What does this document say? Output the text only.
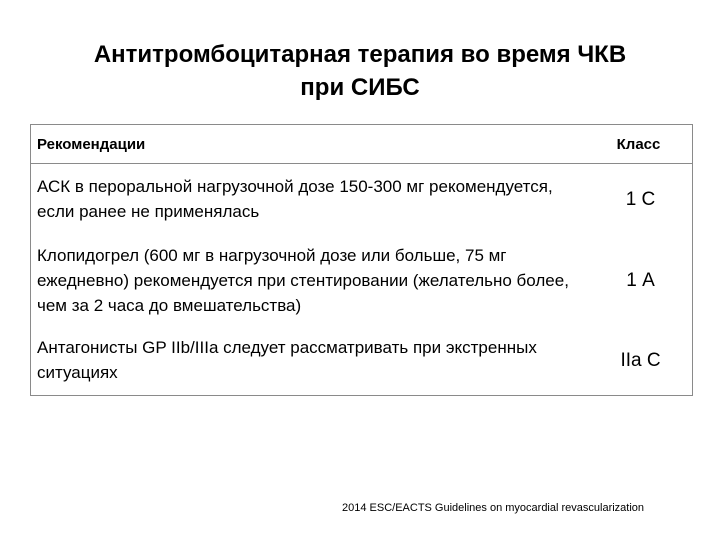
Антитромбоцитарная терапия во время ЧКВ
при СИБС
Рекомендации	Класс
АСК в пероральной нагрузочной дозе 150-300 мг рекомендуется, если ранее не применялась	1 С
Клопидогрел (600 мг в нагрузочной дозе или больше, 75 мг ежедневно) рекомендуется при стентировании (желательно более, чем за 2 часа до вмешательства)	1 А
Антагонисты GP IIb/IIIa следует рассматривать при экстренных ситуациях	IIa С
2014 ESC/EACTS Guidelines on myocardial revascularization
